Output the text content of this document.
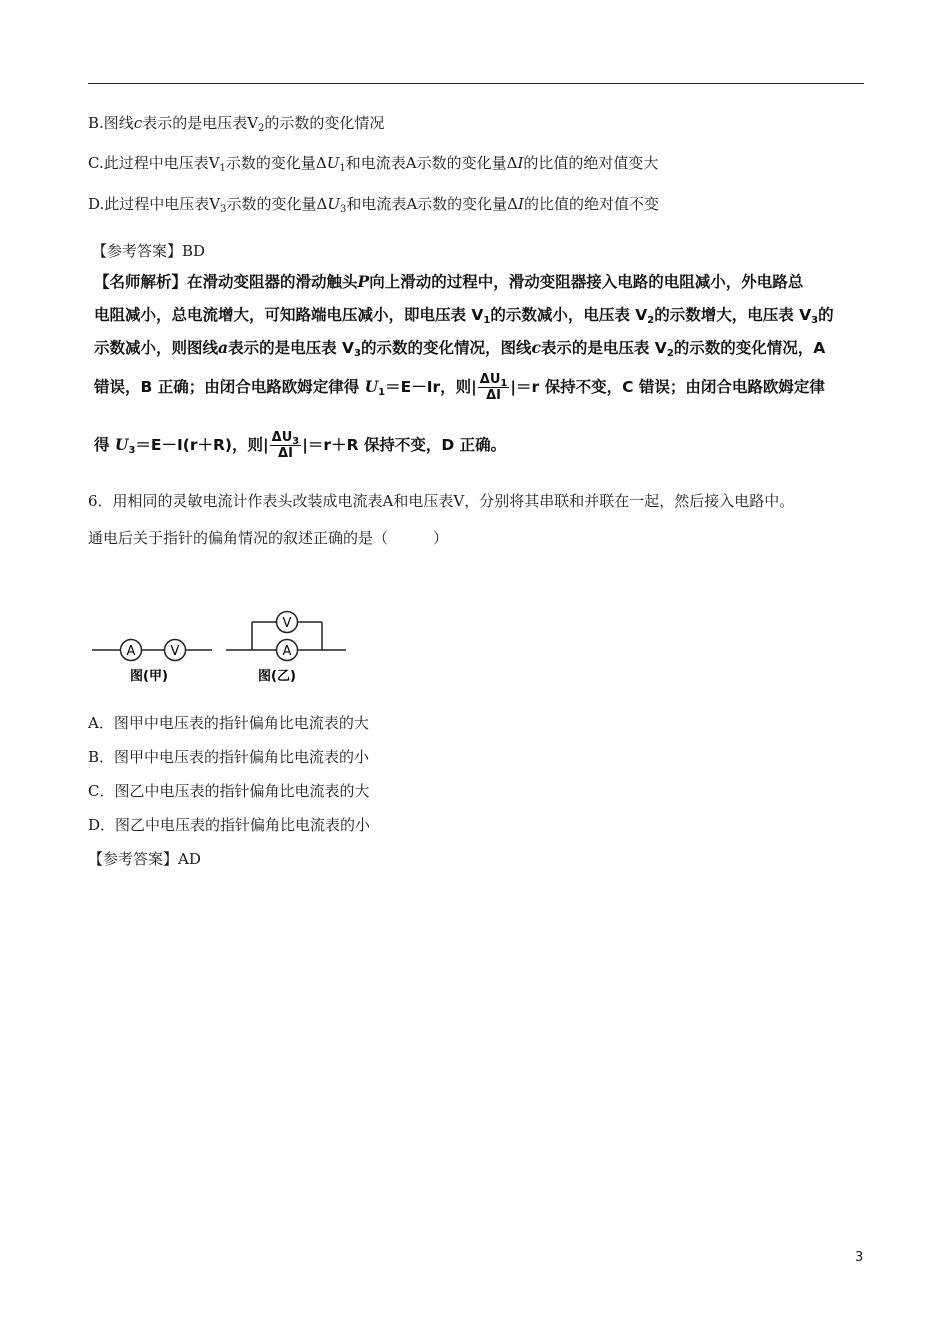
B.图线c表示的是电压表$V_2$的示数的变化情况
C.此过程中电压表$V_1$示数的变化量$\Delta U_1$和电流表A示数的变化量ΔI的比值的绝对值变大
D.此过程中电压表$V_3$示数的变化量$\Delta U_3$和电流表A示数的变化量ΔI的比值的绝对值不变
【参考答案】BD
【名师解析】在滑动变阻器的滑动触头P向上滑动的过程中，滑动变阻器接入电路的电阻减小，外电路总
电阻减小，总电流增大，可知路端电压减小，即电压表 $V_1$的示数减小，电压表 $V_2$的示数增大，电压表 $V_3$的
示数减小，则图线a表示的是电压表 $V_3$的示数的变化情况，图线c表示的是电压表 $V_2$的示数的变化情况，A
错误，B 正确；由闭合电路欧姆定律得 $U_1=E-Ir$，则| $\frac{\Delta U_1}{\Delta I} |=r$ 保持不变，C 错误；由闭合电路欧姆定律
得 $U_3=E-I(r+R)$，则| $\frac{\Delta U_3}{\Delta I} |=r+R$ 保持不变，D 正确。
6．用相同的灵敏电流计作表头改装成电流表A和电压表V，分别将其串联和并联在一起，然后接入电路中。
通电后关于指针的偏角情况的叙述正确的是（　　　）
A	V
图(甲)
V
A
图(乙)
A．图甲中电压表的指针偏角比电流表的大
B．图甲中电压表的指针偏角比电流表的小
C．图乙中电压表的指针偏角比电流表的大
D．图乙中电压表的指针偏角比电流表的小
【参考答案】AD
3
